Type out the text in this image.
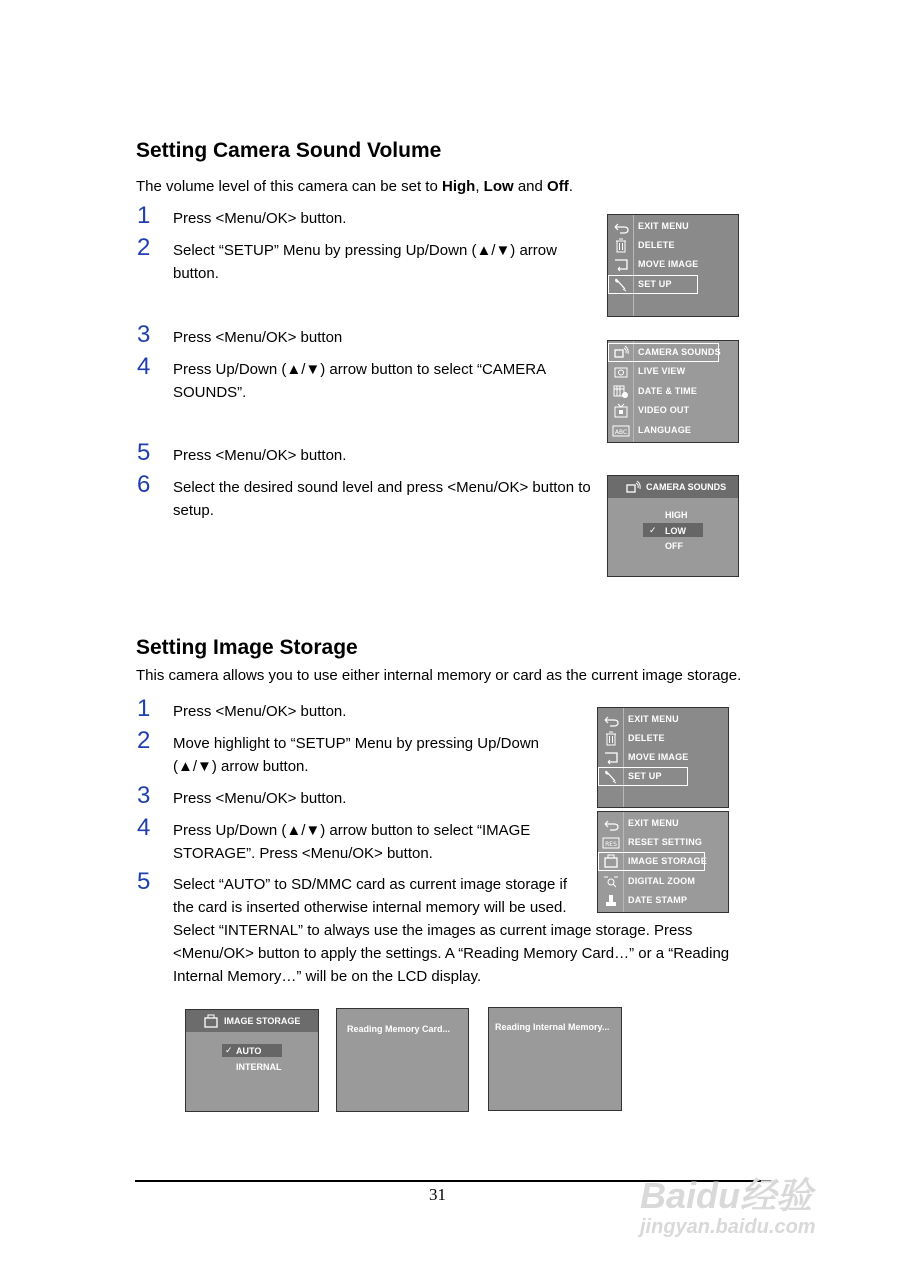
Setting Camera Sound Volume
The volume level of this camera can be set to High, Low and Off.
1 Press <Menu/OK> button.
2 Select “SETUP” Menu by pressing Up/Down (▲/▼) arrow button.
3 Press <Menu/OK> button
4 Press Up/Down (▲/▼) arrow button to select “CAMERA SOUNDS”.
5 Press <Menu/OK> button.
6 Select the desired sound level and press <Menu/OK> button to setup.
EXIT MENU
DELETE
MOVE IMAGE
SET UP
CAMERA SOUNDS
LIVE VIEW
DATE & TIME
VIDEO OUT
ABC LANGUAGE
CAMERA SOUNDS
HIGH
✓ LOW
OFF
Setting Image Storage
This camera allows you to use either internal memory or card as the current image storage.
1 Press <Menu/OK> button.
2 Move highlight to “SETUP” Menu by pressing Up/Down (▲/▼) arrow button.
3 Press <Menu/OK> button.
4 Press Up/Down (▲/▼) arrow button to select “IMAGE STORAGE”. Press <Menu/OK> button.
5 Select “AUTO” to SD/MMC card as current image storage if the card is inserted otherwise internal memory will be used.
Select “INTERNAL” to always use the images as current image storage. Press <Menu/OK> button to apply the settings. A “Reading Memory Card…” or a “Reading Internal Memory…” will be on the LCD display.
EXIT MENU
DELETE
MOVE IMAGE
SET UP
EXIT MENU
RES RESET SETTING
IMAGE STORAGE
DIGITAL ZOOM
DATE STAMP
IMAGE STORAGE
✓ AUTO
INTERNAL
Reading Memory Card...	Reading Internal Memory...
31	Baidu经验
jingyan.baidu.com
